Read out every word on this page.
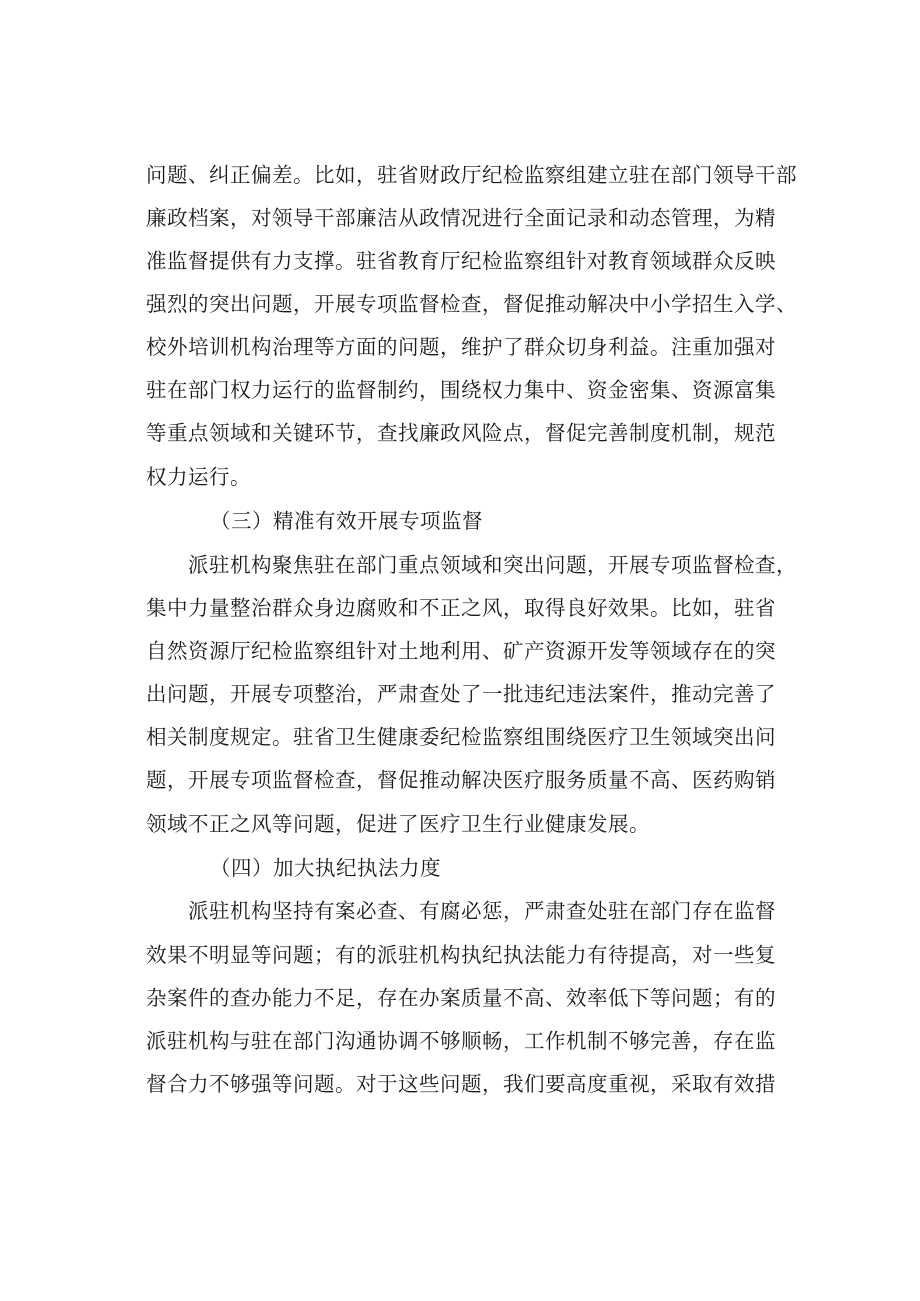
问题、纠正偏差。比如，驻省财政厅纪检监察组建立驻在部门领导干部
廉政档案，对领导干部廉洁从政情况进行全面记录和动态管理，为精
准监督提供有力支撑。驻省教育厅纪检监察组针对教育领域群众反映
强烈的突出问题，开展专项监督检查，督促推动解决中小学招生入学、
校外培训机构治理等方面的问题，维护了群众切身利益。注重加强对
驻在部门权力运行的监督制约，围绕权力集中、资金密集、资源富集
等重点领域和关键环节，查找廉政风险点，督促完善制度机制，规范
权力运行。
（三）精准有效开展专项监督
派驻机构聚焦驻在部门重点领域和突出问题，开展专项监督检查，
集中力量整治群众身边腐败和不正之风，取得良好效果。比如，驻省
自然资源厅纪检监察组针对土地利用、矿产资源开发等领域存在的突
出问题，开展专项整治，严肃查处了一批违纪违法案件，推动完善了
相关制度规定。驻省卫生健康委纪检监察组围绕医疗卫生领域突出问
题，开展专项监督检查，督促推动解决医疗服务质量不高、医药购销
领域不正之风等问题，促进了医疗卫生行业健康发展。
（四）加大执纪执法力度
派驻机构坚持有案必查、有腐必惩，严肃查处驻在部门存在监督
效果不明显等问题；有的派驻机构执纪执法能力有待提高，对一些复
杂案件的查办能力不足，存在办案质量不高、效率低下等问题；有的
派驻机构与驻在部门沟通协调不够顺畅，工作机制不够完善，存在监
督合力不够强等问题。对于这些问题，我们要高度重视，采取有效措
